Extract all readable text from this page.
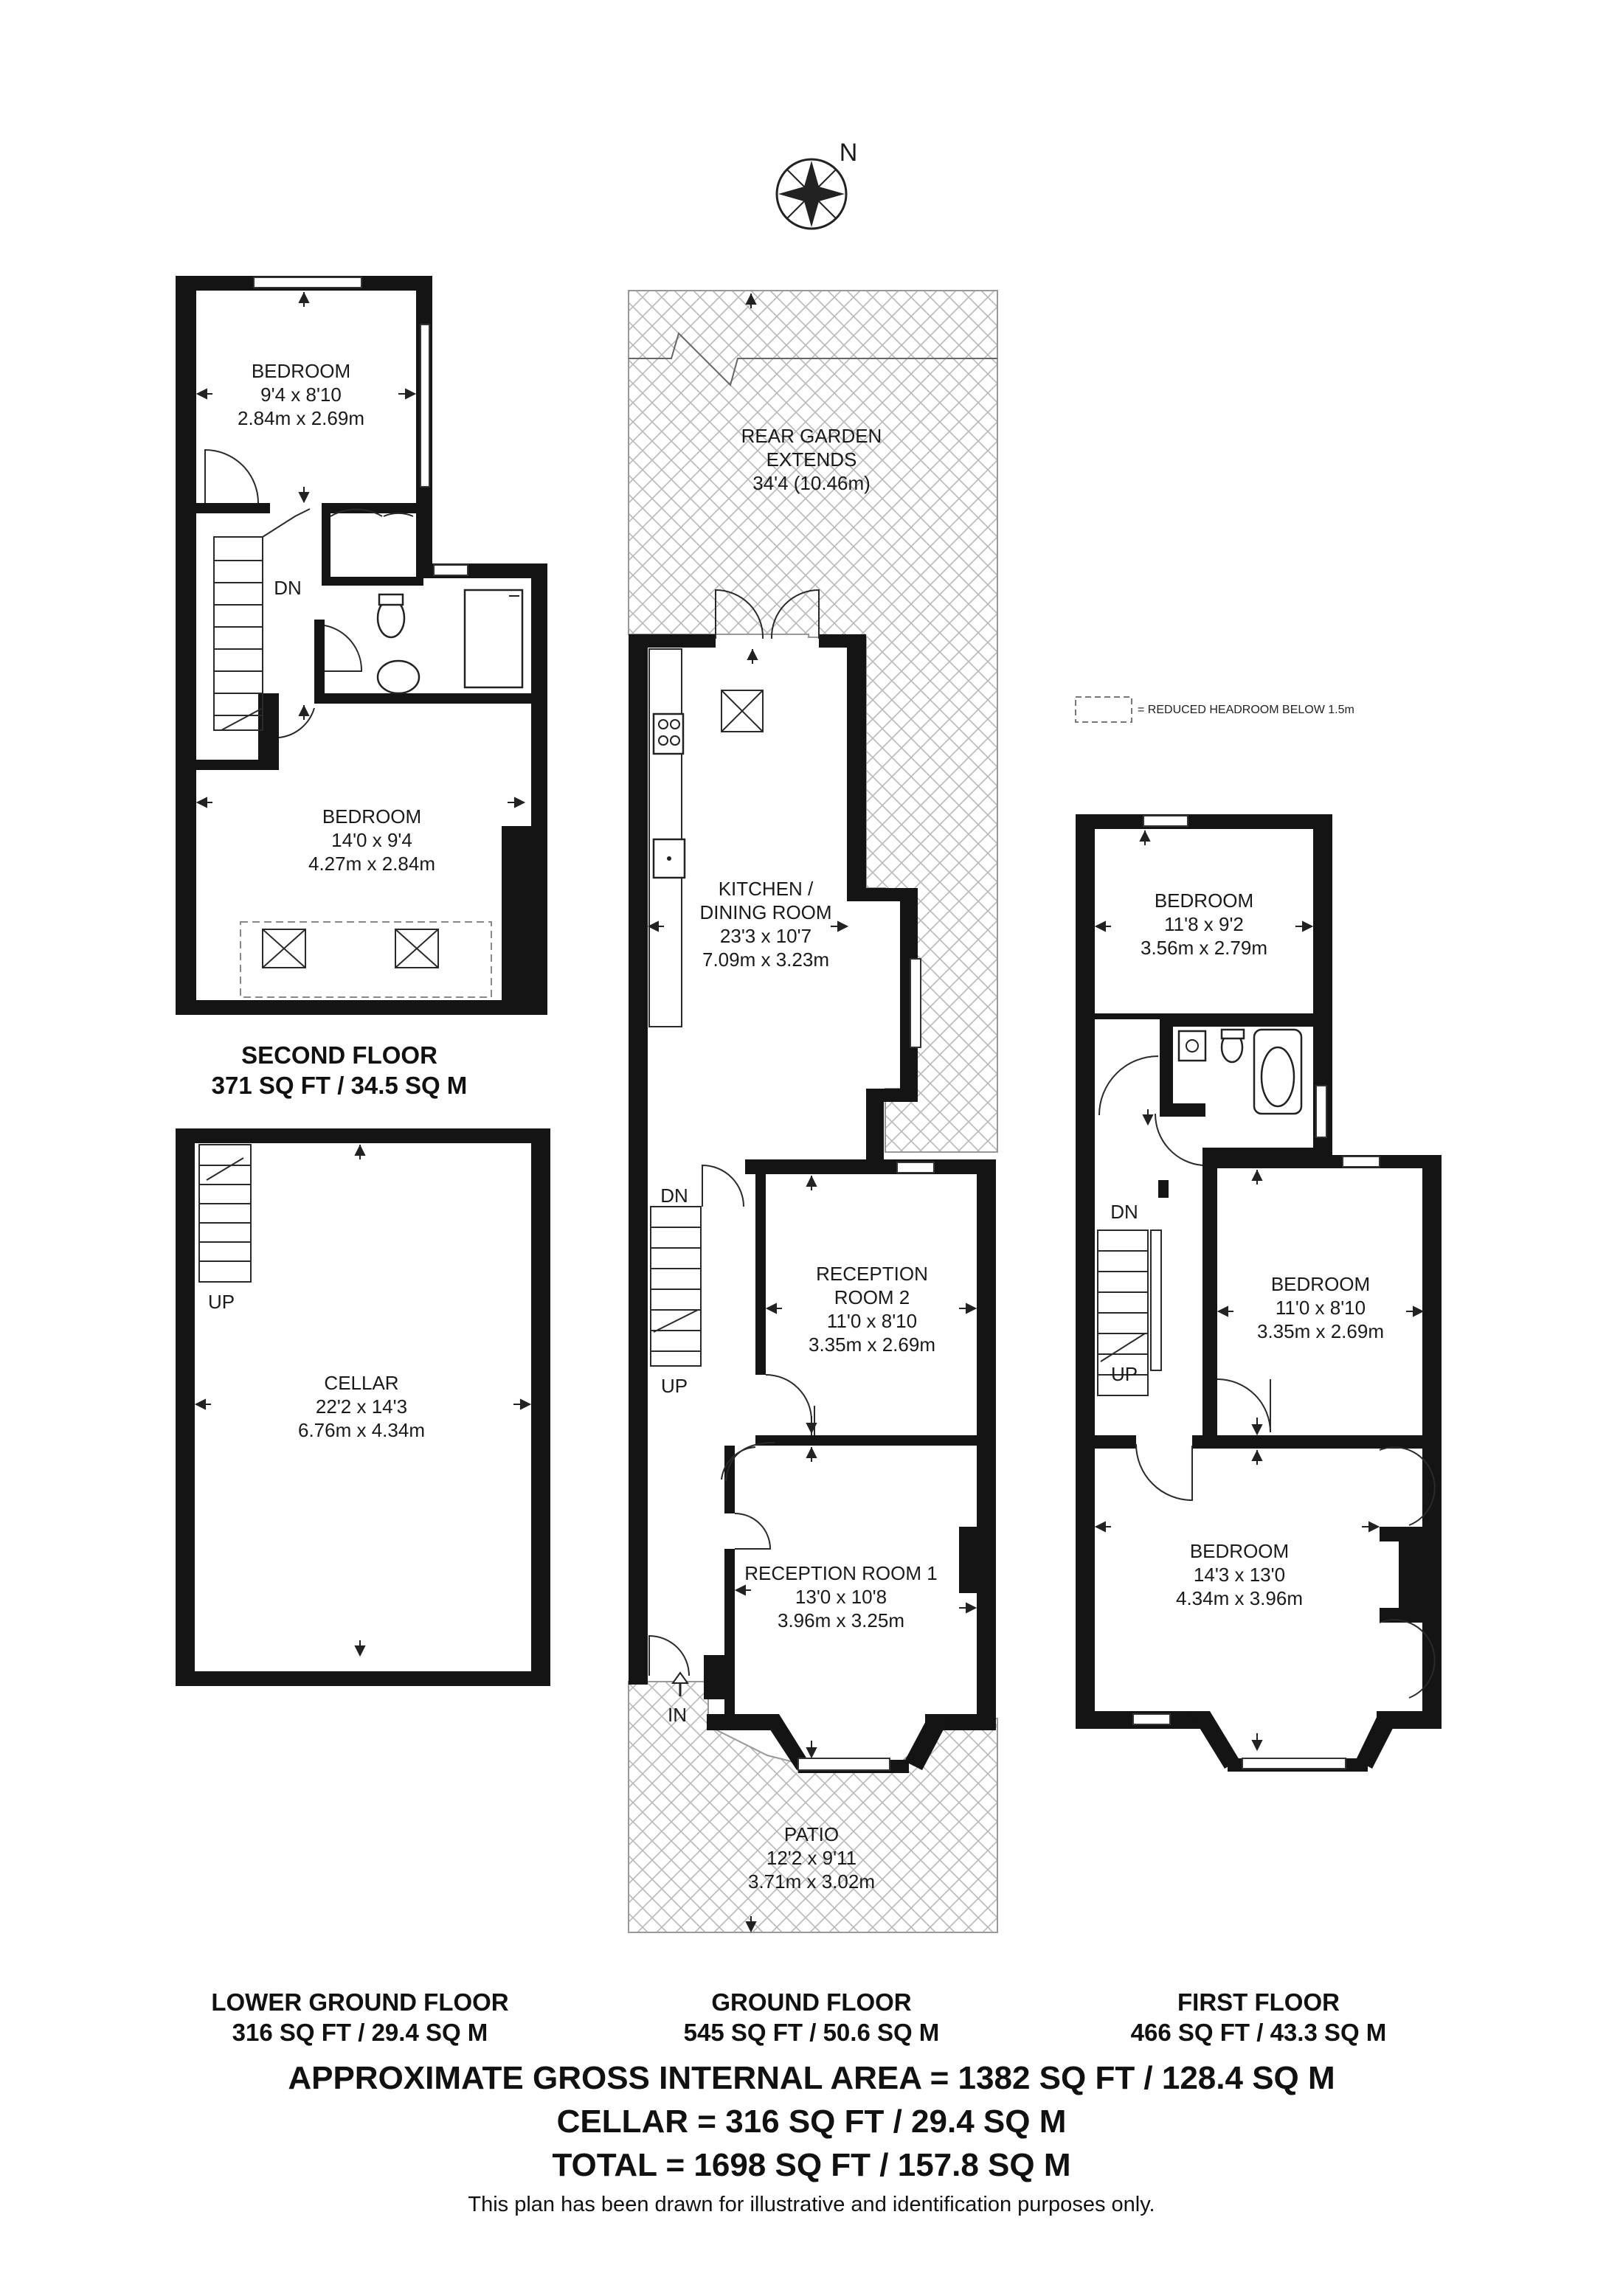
N
= REDUCED HEADROOM BELOW 1.5m
BEDROOM
9'4 x 8'10
2.84m x 2.69m
DN
BEDROOM
14'0 x 9'4
4.27m x 2.84m
SECOND FLOOR
371 SQ FT / 34.5 SQ M
UP
CELLAR
22'2 x 14'3
6.76m x 4.34m
LOWER GROUND FLOOR
316 SQ FT / 29.4 SQ M
REAR GARDEN
EXTENDS
34'4 (10.46m)
KITCHEN /
DINING ROOM
23'3 x 10'7
7.09m x 3.23m
DN
UP
RECEPTION
ROOM 2
11'0 x 8'10
3.35m x 2.69m
RECEPTION ROOM 1
13'0 x 10'8
3.96m x 3.25m
IN
PATIO
12'2 x 9'11
3.71m x 3.02m
GROUND FLOOR
545 SQ FT / 50.6 SQ M
BEDROOM
11'8 x 9'2
3.56m x 2.79m
DN
UP
BEDROOM
11'0 x 8'10
3.35m x 2.69m
BEDROOM
14'3 x 13'0
4.34m x 3.96m
FIRST FLOOR
466 SQ FT / 43.3 SQ M
APPROXIMATE GROSS INTERNAL AREA = 1382 SQ FT / 128.4 SQ M
CELLAR = 316 SQ FT / 29.4 SQ M
TOTAL = 1698 SQ FT / 157.8 SQ M
This plan has been drawn for illustrative and identification purposes only.
